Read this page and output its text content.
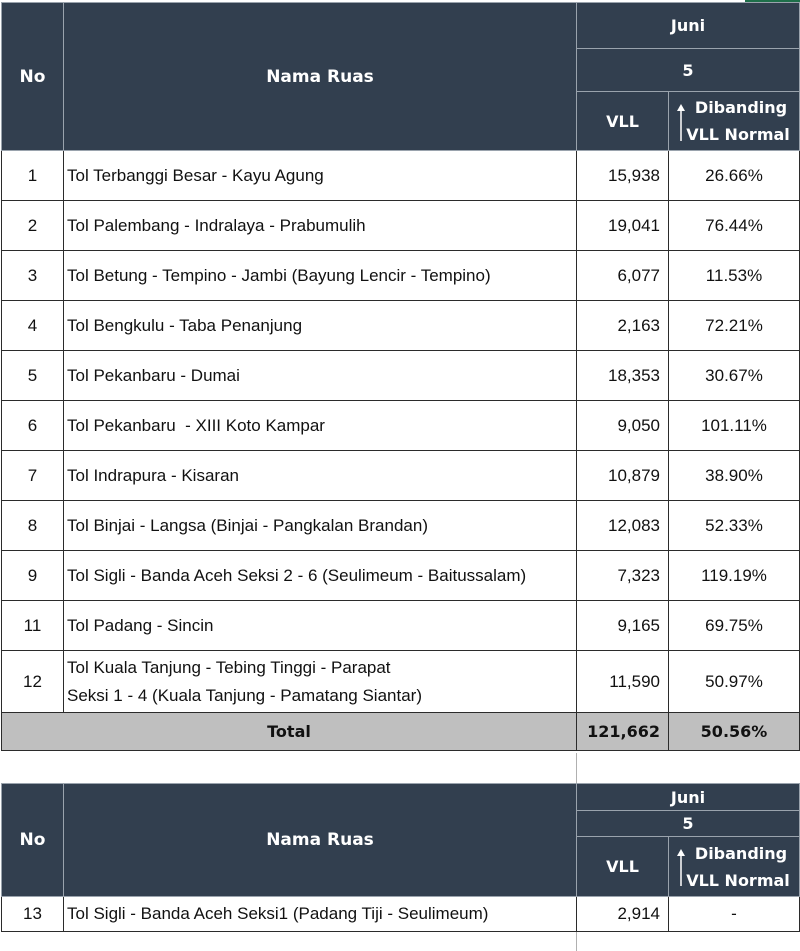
No	Nama Ruas	Juni	
		5	
		VLL	Dibanding
VLL Normal

1	Tol Terbanggi Besar - Kayu Agung	15,938	26.66%
2	Tol Palembang - Indralaya - Prabumulih	19,041	76.44%
3	Tol Betung - Tempino - Jambi (Bayung Lencir - Tempino)	6,077	11.53%
4	Tol Bengkulu - Taba Penanjung	2,163	72.21%
5	Tol Pekanbaru - Dumai	18,353	30.67%
6	Tol Pekanbaru  - XIII Koto Kampar	9,050	101.11%
7	Tol Indrapura - Kisaran	10,879	38.90%
8	Tol Binjai - Langsa (Binjai - Pangkalan Brandan)	12,083	52.33%
9	Tol Sigli - Banda Aceh Seksi 2 - 6 (Seulimeum - Baitussalam)	7,323	119.19%
11	Tol Padang - Sincin	9,165	69.75%
12	Tol Kuala Tanjung - Tebing Tinggi - Parapat
Seksi 1 - 4 (Kuala Tanjung - Pamatang Siantar)	11,590	50.97%
Total		121,662	50.56%
No	Nama Ruas	Juni	
		5	
		VLL	Dibanding
VLL Normal

13	Tol Sigli - Banda Aceh Seksi1 (Padang Tiji - Seulimeum)	2,914	-
